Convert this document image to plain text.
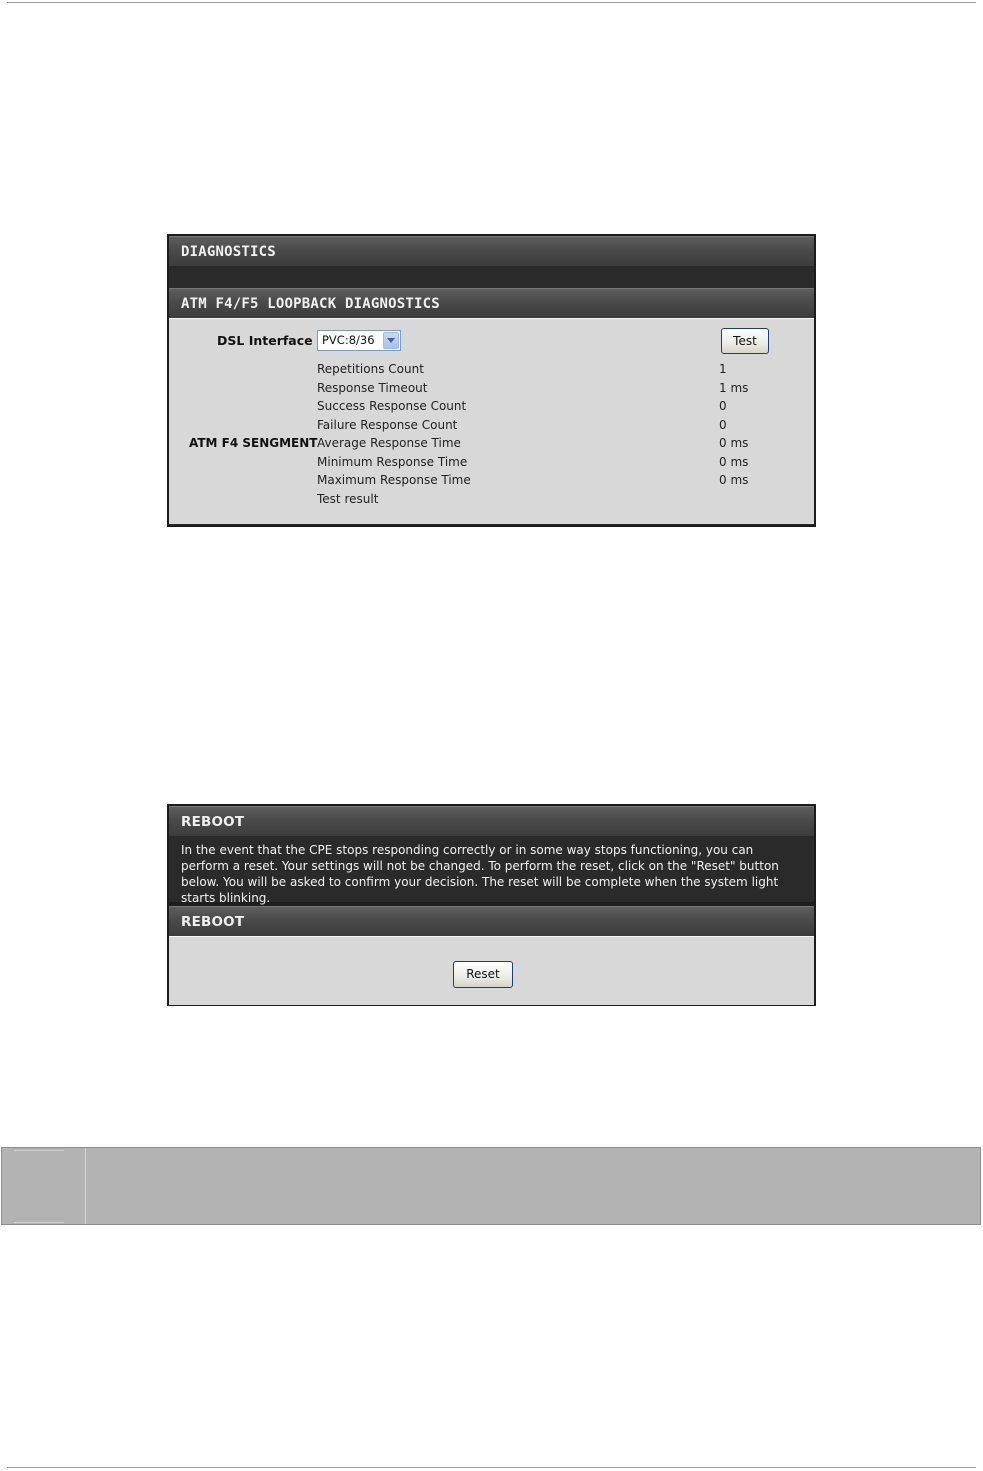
DIAGNOSTICS
ATM F4/F5 LOOPBACK DIAGNOSTICS
DSL Interface PVC:8/36	Test
ATM F4 SENGMENT
Repetitions Count	1
Response Timeout	1 ms
Success Response Count	0
Failure Response Count	0
Average Response Time	0 ms
Minimum Response Time	0 ms
Maximum Response Time	0 ms
Test result
REBOOT
In the event that the CPE stops responding correctly or in some way stops functioning, you can perform a reset. Your settings will not be changed. To perform the reset, click on the "Reset" button below. You will be asked to confirm your decision. The reset will be complete when the system light starts blinking.
REBOOT
Reset
